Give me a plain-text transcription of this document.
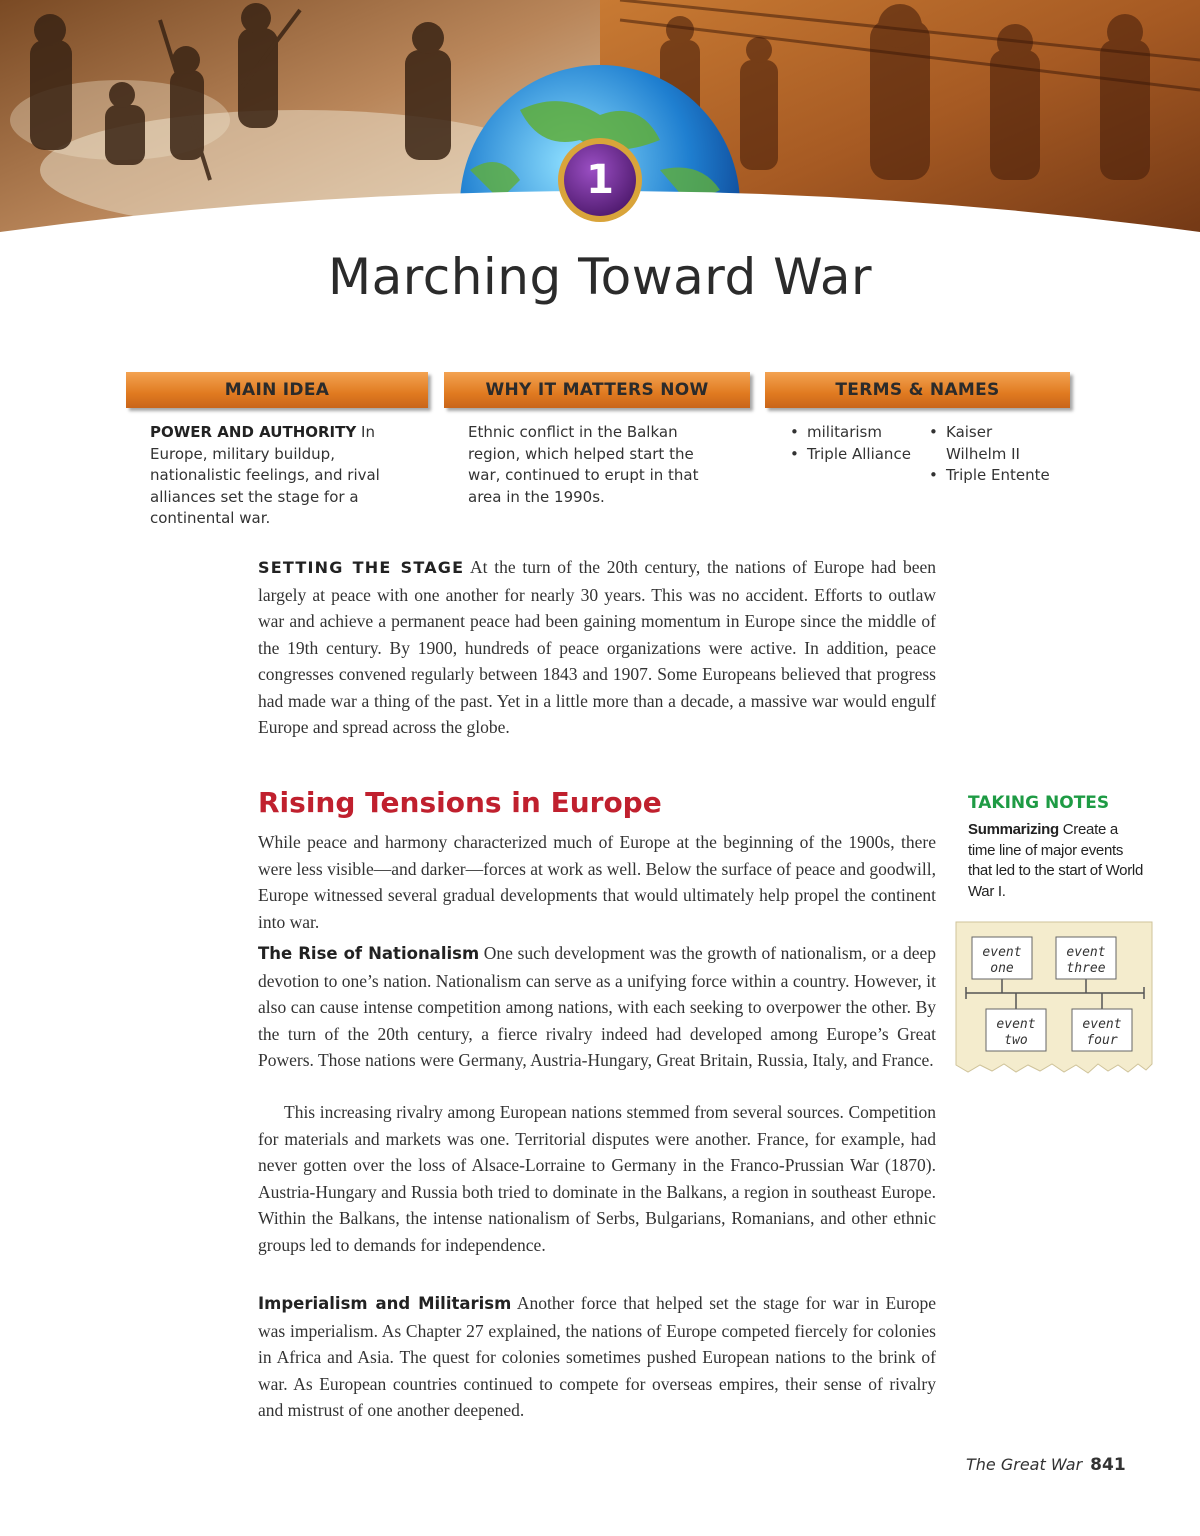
1
Marching Toward War
MAIN IDEA	WHY IT MATTERS NOW	TERMS & NAMES
POWER AND AUTHORITY In Europe, military buildup, nationalistic feelings, and rival alliances set the stage for a continental war.
Ethnic conflict in the Balkan region, which helped start the war, continued to erupt in that area in the 1990s.
• militarism
• Triple Alliance
• Kaiser Wilhelm II
• Triple Entente

SETTING THE STAGE At the turn of the 20th century, the nations of Europe had been largely at peace with one another for nearly 30 years. This was no accident. Efforts to outlaw war and achieve a permanent peace had been gaining momentum in Europe since the middle of the 19th century. By 1900, hundreds of peace organizations were active. In addition, peace congresses convened regularly between 1843 and 1907. Some Europeans believed that progress had made war a thing of the past. Yet in a little more than a decade, a massive war would engulf Europe and spread across the globe.

Rising Tensions in Europe

While peace and harmony characterized much of Europe at the beginning of the 1900s, there were less visible—and darker—forces at work as well. Below the surface of peace and goodwill, Europe witnessed several gradual developments that would ultimately help propel the continent into war.

The Rise of Nationalism One such development was the growth of nationalism, or a deep devotion to one’s nation. Nationalism can serve as a unifying force within a country. However, it also can cause intense competition among nations, with each seeking to overpower the other. By the turn of the 20th century, a fierce rivalry indeed had developed among Europe’s Great Powers. Those nations were Germany, Austria-Hungary, Great Britain, Russia, Italy, and France.

This increasing rivalry among European nations stemmed from several sources. Competition for materials and markets was one. Territorial disputes were another. France, for example, had never gotten over the loss of Alsace-Lorraine to Germany in the Franco-Prussian War (1870). Austria-Hungary and Russia both tried to dominate in the Balkans, a region in southeast Europe. Within the Balkans, the intense nationalism of Serbs, Bulgarians, Romanians, and other ethnic groups led to demands for independence.

Imperialism and Militarism Another force that helped set the stage for war in Europe was imperialism. As Chapter 27 explained, the nations of Europe competed fiercely for colonies in Africa and Asia. The quest for colonies sometimes pushed European nations to the brink of war. As European countries continued to compete for overseas empires, their sense of rivalry and mistrust of one another deepened.

TAKING NOTES

Summarizing Create a time line of major events that led to the start of World War I.

event
one
event
two
event
three
event
four
The Great War 841
